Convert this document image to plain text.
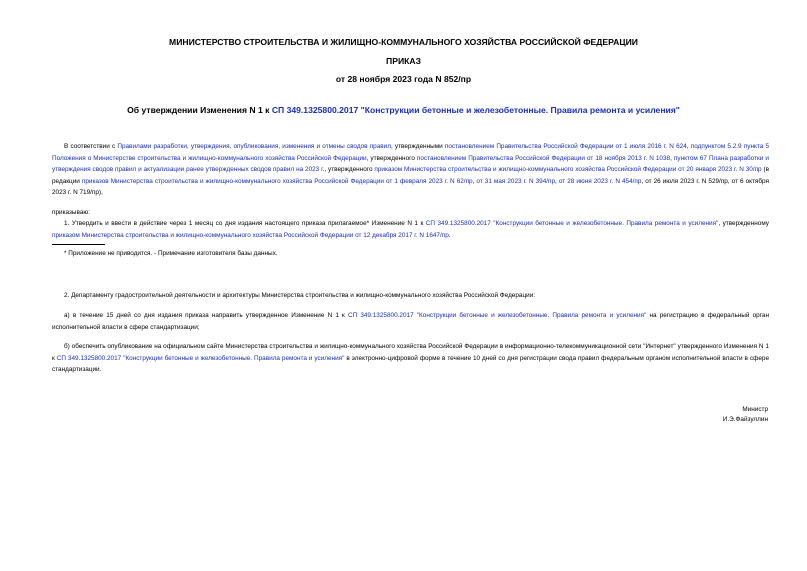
МИНИСТЕРСТВО СТРОИТЕЛЬСТВА И ЖИЛИЩНО-КОММУНАЛЬНОГО ХОЗЯЙСТВА РОССИЙСКОЙ ФЕДЕРАЦИИ
ПРИКАЗ
от 28 ноября 2023 года N 852/пр
Об утверждении Изменения N 1 к СП 349.1325800.2017 "Конструкции бетонные и железобетонные. Правила ремонта и усиления"
В соответствии с Правилами разработки, утверждения, опубликования, изменения и отмены сводов правил, утвержденными постановлением Правительства Российской Федерации от 1 июля 2016 г. N 624, подпунктом 5.2.9 пункта 5 Положения о Министерстве строительства и жилищно-коммунального хозяйства Российской Федерации, утвержденного постановлением Правительства Российской Федерации от 18 ноября 2013 г. N 1038, пунктом 67 Плана разработки и утверждения сводов правил и актуализации ранее утвержденных сводов правил на 2023 г., утвержденного приказом Министерства строительства и жилищно-коммунального хозяйства Российской Федерации от 20 января 2023 г. N 30/пр (в редакции приказов Министерства строительства и жилищно-коммунального хозяйства Российской Федерации от 1 февраля 2023 г. N 62/пр, от 31 мая 2023 г. N 394/пр, от 28 июня 2023 г. N 454/пр, от 26 июля 2023 г. N 529/пр, от 6 октября 2023 г. N 719/пр),
приказываю:
1. Утвердить и ввести в действие через 1 месяц со дня издания настоящего приказа прилагаемое* Изменение N 1 к СП 349.1325800.2017 "Конструкции бетонные и железобетонные. Правила ремонта и усиления", утвержденному приказом Министерства строительства и жилищно-коммунального хозяйства Российской Федерации от 12 декабря 2017 г. N 1647/пр.
* Приложение не приводится. - Примечание изготовителя базы данных.
2. Департаменту градостроительной деятельности и архитектуры Министерства строительства и жилищно-коммунального хозяйства Российской Федерации:
а) в течение 15 дней со дня издания приказа направить утвержденное Изменение N 1 к СП 349.1325800.2017 "Конструкции бетонные и железобетонные. Правила ремонта и усиления" на регистрацию в федеральный орган исполнительной власти в сфере стандартизации;
б) обеспечить опубликование на официальном сайте Министерства строительства и жилищно-коммунального хозяйства Российской Федерации в информационно-телекоммуникационной сети "Интернет" утвержденного Изменения N 1 к СП 349.1325800.2017 "Конструкции бетонные и железобетонные. Правила ремонта и усиления" в электронно-цифровой форме в течение 10 дней со дня регистрации свода правил федеральным органом исполнительной власти в сфере стандартизации.
Министр
И.Э.Файзуллин
